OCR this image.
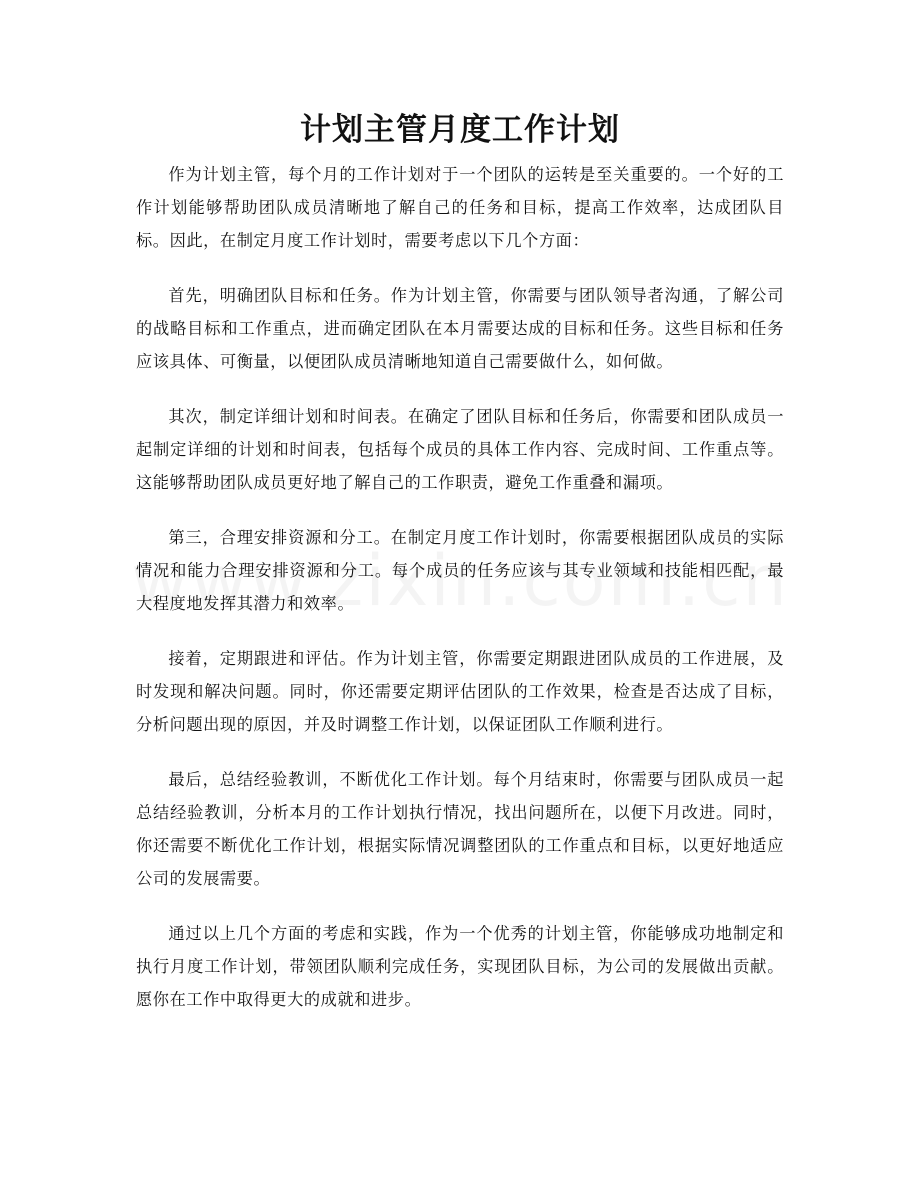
计划主管月度工作计划

作为计划主管，每个月的工作计划对于一个团队的运转是至关重要的。一个好的工作计划能够帮助团队成员清晰地了解自己的任务和目标，提高工作效率，达成团队目标。因此，在制定月度工作计划时，需要考虑以下几个方面：

首先，明确团队目标和任务。作为计划主管，你需要与团队领导者沟通，了解公司的战略目标和工作重点，进而确定团队在本月需要达成的目标和任务。这些目标和任务应该具体、可衡量，以便团队成员清晰地知道自己需要做什么，如何做。

其次，制定详细计划和时间表。在确定了团队目标和任务后，你需要和团队成员一起制定详细的计划和时间表，包括每个成员的具体工作内容、完成时间、工作重点等。这能够帮助团队成员更好地了解自己的工作职责，避免工作重叠和漏项。

第三，合理安排资源和分工。在制定月度工作计划时，你需要根据团队成员的实际情况和能力合理安排资源和分工。每个成员的任务应该与其专业领域和技能相匹配，最大程度地发挥其潜力和效率。

接着，定期跟进和评估。作为计划主管，你需要定期跟进团队成员的工作进展，及时发现和解决问题。同时，你还需要定期评估团队的工作效果，检查是否达成了目标，分析问题出现的原因，并及时调整工作计划，以保证团队工作顺利进行。

最后，总结经验教训，不断优化工作计划。每个月结束时，你需要与团队成员一起总结经验教训，分析本月的工作计划执行情况，找出问题所在，以便下月改进。同时，你还需要不断优化工作计划，根据实际情况调整团队的工作重点和目标，以更好地适应公司的发展需要。

通过以上几个方面的考虑和实践，作为一个优秀的计划主管，你能够成功地制定和执行月度工作计划，带领团队顺利完成任务，实现团队目标，为公司的发展做出贡献。愿你在工作中取得更大的成就和进步。
